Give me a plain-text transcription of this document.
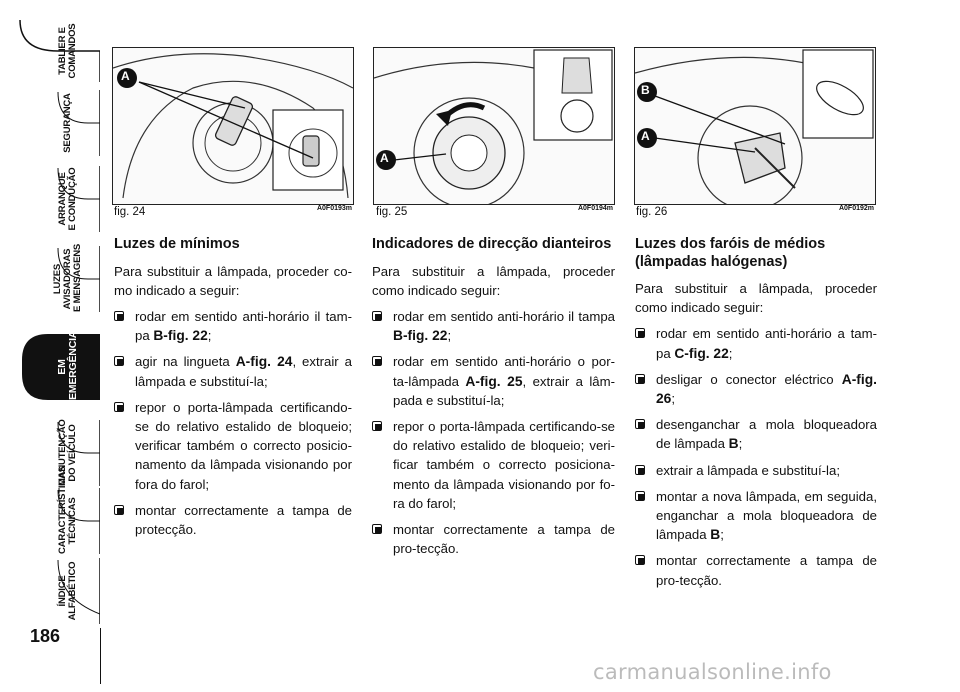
TABLIER E
COMANDOS
SEGURANÇA
ARRANQUE
E CONDUÇÃO
LUZES
AVISADORAS
E MENSAGENS
EM
EMERGÊNCIA
MANUTENÇÃO
DO VEÍCULO
CARACTERÍSTICAS
TÉCNICAS
ÍNDICE
ALFABÉTICO
186
A
fig. 24	A0F0193m
A
fig. 25	A0F0194m
B
A
fig. 26	A0F0192m
Luzes de mínimos

Para substituir a lâmpada, proceder co-mo indicado a seguir:

rodar em sentido anti-horário il tam-pa B-fig. 22;
agir na lingueta A-fig. 24, extrair a lâmpada e substituí-la;
repor o porta-lâmpada certificando-se do relativo estalido de bloqueio; verificar também o correcto posicio-namento da lâmpada visionando por fora do farol;
montar correctamente a tampa de protecção.
Indicadores de direcção dianteiros

Para substituir a lâmpada, proceder como indicado seguir:

rodar em sentido anti-horário il tampa B-fig. 22;
rodar em sentido anti-horário o por-ta-lâmpada A-fig. 25, extrair a lâm-pada e substituí-la;
repor o porta-lâmpada certificando-se do relativo estalido de bloqueio; veri-ficar também o correcto posiciona-mento da lâmpada visionando por fo-ra do farol;
montar correctamente a tampa de pro-tecção.
Luzes dos faróis de médios (lâmpadas halógenas)

Para substituir a lâmpada, proceder como indicado seguir:

rodar em sentido anti-horário a tam-pa C-fig. 22;
desligar o conector eléctrico A-fig. 26;
desenganchar a mola bloqueadora de lâmpada B;
extrair a lâmpada e substituí-la;
montar a nova lâmpada, em seguida, enganchar a mola bloqueadora de lâmpada B;
montar correctamente a tampa de pro-tecção.
carmanualsonline.info
